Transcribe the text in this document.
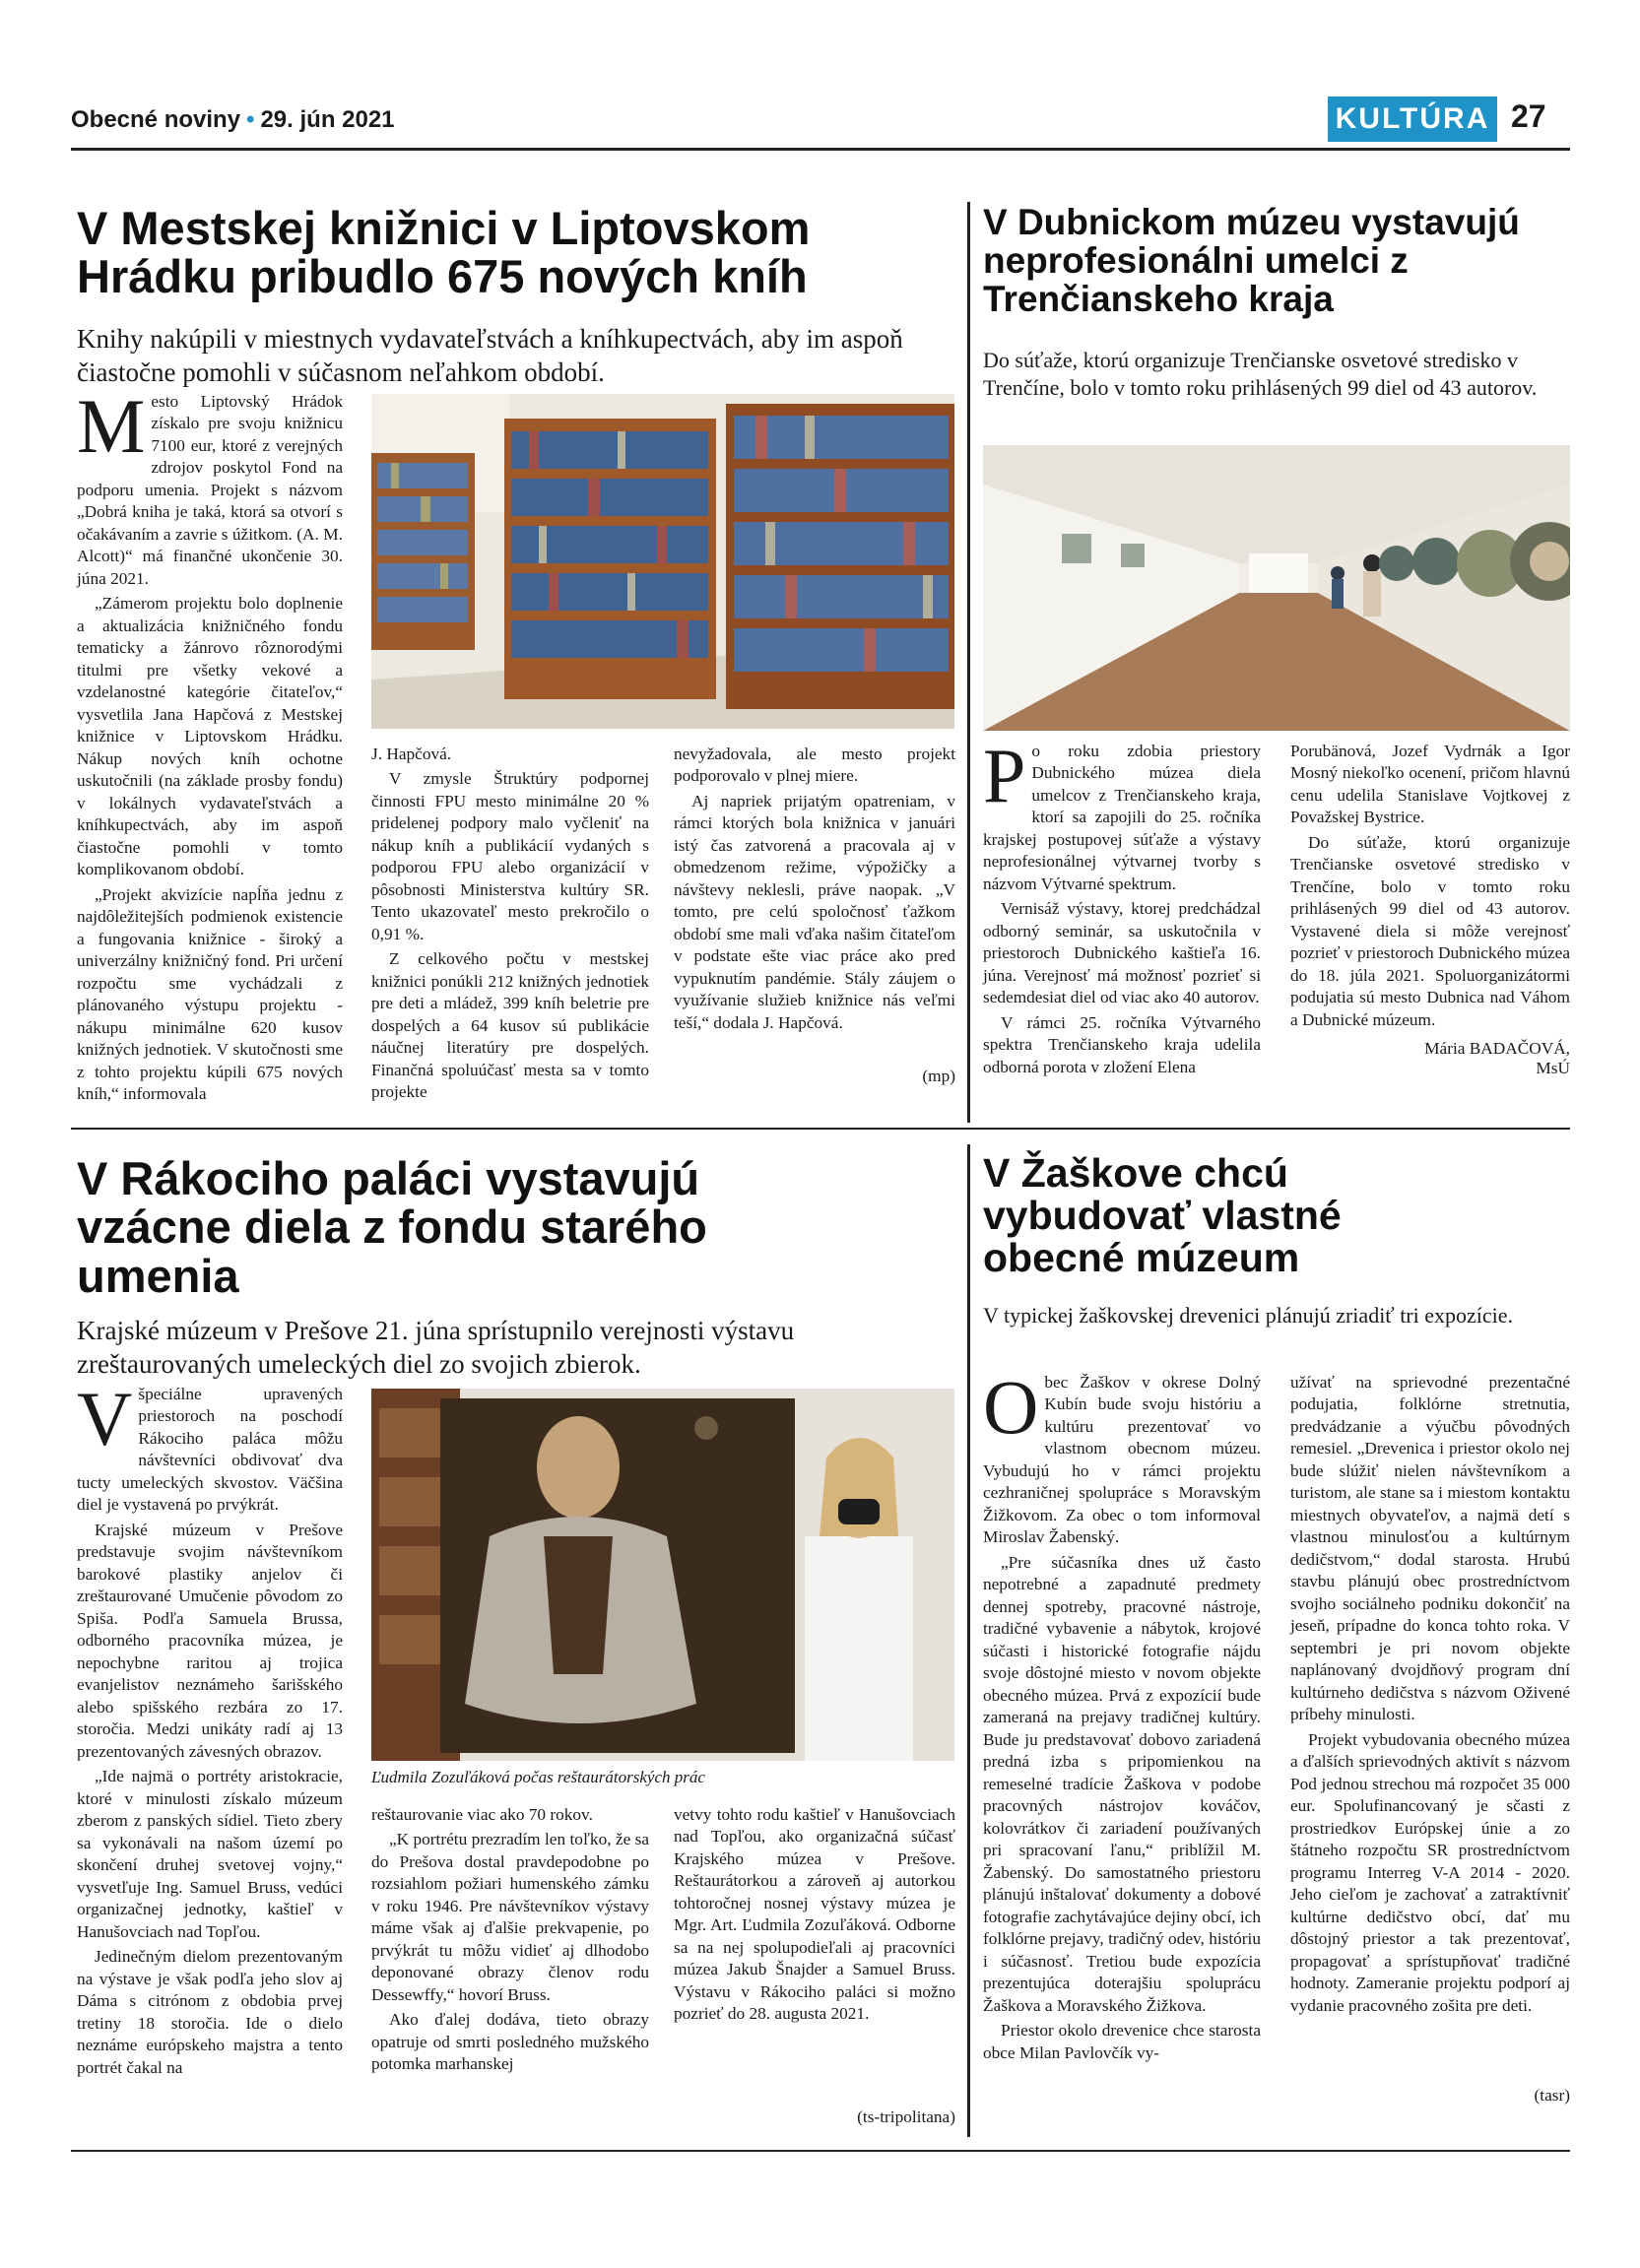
Obecné noviny • 29. jún 2021	KULTÚRA 27
V Mestskej knižnici v Liptovskom Hrádku pribudlo 675 nových kníh
Knihy nakúpili v miestnych vydavateľstvách a kníhkupectvách, aby im aspoň čiastočne pomohli v súčasnom neľahkom období.

Mesto Liptovský Hrádok získalo pre svoju knižnicu 7100 eur, ktoré z verejných zdrojov poskytol Fond na podporu umenia. Projekt s názvom „Dobrá kniha je taká, ktorá sa otvorí s očakávaním a zavrie s úžitkom. (A. M. Alcott)“ má finančné ukončenie 30. júna 2021.

„Zámerom projektu bolo doplnenie a aktualizácia knižničného fondu tematicky a žánrovo rôznorodými titulmi pre všetky vekové a vzdelanostné kategórie čitateľov,“ vysvetlila Jana Hapčová z Mestskej knižnice v Liptovskom Hrádku. Nákup nových kníh ochotne uskutočnili (na základe prosby fondu) v lokálnych vydavateľstvách a kníhkupectvách, aby im aspoň čiastočne pomohli v tomto komplikovanom období.

„Projekt akvizície napĺňa jednu z najdôležitejších podmienok existencie a fungovania knižnice - široký a univerzálny knižničný fond. Pri určení rozpočtu sme vychádzali z plánovaného výstupu projektu - nákupu minimálne 620 kusov knižných jednotiek. V skutočnosti sme z tohto projektu kúpili 675 nových kníh,“ informovala

J. Hapčová.

V zmysle Štruktúry podpornej činnosti FPU mesto minimálne 20 % pridelenej podpory malo vyčleniť na nákup kníh a publikácií vydaných s podporou FPU alebo organizácií v pôsobnosti Ministerstva kultúry SR. Tento ukazovateľ mesto prekročilo o 0,91 %.

Z celkového počtu v mestskej knižnici ponúkli 212 knižných jednotiek pre deti a mládež, 399 kníh beletrie pre dospelých a 64 kusov sú publikácie náučnej literatúry pre dospelých. Finančná spoluúčasť mesta sa v tomto projekte

nevyžadovala, ale mesto projekt podporovalo v plnej miere.

Aj napriek prijatým opatreniam, v rámci ktorých bola knižnica v januári istý čas zatvorená a pracovala aj v obmedzenom režime, výpožičky a návštevy neklesli, práve naopak. „V tomto, pre celú spoločnosť ťažkom období sme mali vďaka našim čitateľom v podstate ešte viac práce ako pred vypuknutím pandémie. Stály záujem o využívanie služieb knižnice nás veľmi teší,“ dodala J. Hapčová.

(mp)
V Dubnickom múzeu vystavujú neprofesionálni umelci z Trenčianskeho kraja
Do súťaže, ktorú organizuje Trenčianske osvetové stredisko v Trenčíne, bolo v tomto roku prihlásených 99 diel od 43 autorov.

Po roku zdobia priestory Dubnického múzea diela umelcov z Trenčianskeho kraja, ktorí sa zapojili do 25. ročníka krajskej postupovej súťaže a výstavy neprofesionálnej výtvarnej tvorby s názvom Výtvarné spektrum.

Vernisáž výstavy, ktorej predchádzal odborný seminár, sa uskutočnila v priestoroch Dubnického kaštieľa 16. júna. Verejnosť má možnosť pozrieť si sedemdesiat diel od viac ako 40 autorov.

V rámci 25. ročníka Výtvarného spektra Trenčianskeho kraja udelila odborná porota v zložení Elena

Porubänová, Jozef Vydrnák a Igor Mosný niekoľko ocenení, pričom hlavnú cenu udelila Stanislave Vojtkovej z Považskej Bystrice.

Do súťaže, ktorú organizuje Trenčianske osvetové stredisko v Trenčíne, bolo v tomto roku prihlásených 99 diel od 43 autorov. Vystavené diela si môže verejnosť pozrieť v priestoroch Dubnického múzea do 18. júla 2021. Spoluorganizátormi podujatia sú mesto Dubnica nad Váhom a Dubnické múzeum.

Mária BADAČOVÁ,
MsÚ
V Rákociho paláci vystavujú vzácne diela z fondu starého umenia
Krajské múzeum v Prešove 21. júna sprístupnilo verejnosti výstavu zreštaurovaných umeleckých diel zo svojich zbierok.

Všpeciálne upravených priestoroch na poschodí Rákociho paláca môžu návštevníci obdivovať dva tucty umeleckých skvostov. Väčšina diel je vystavená po prvýkrát.

Krajské múzeum v Prešove predstavuje svojim návštevníkom barokové plastiky anjelov či zreštaurované Umučenie pôvodom zo Spiša. Podľa Samuela Brussa, odborného pracovníka múzea, je nepochybne raritou aj trojica evanjelistov neznámeho šarišského alebo spišského rezbára zo 17. storočia. Medzi unikáty radí aj 13 prezentovaných závesných obrazov.

„Ide najmä o portréty aristokracie, ktoré v minulosti získalo múzeum zberom z panských sídiel. Tieto zbery sa vykonávali na našom území po skončení druhej svetovej vojny,“ vysvetľuje Ing. Samuel Bruss, vedúci organizačnej jednotky, kaštieľ v Hanušovciach nad Topľou.

Jedinečným dielom prezentovaným na výstave je však podľa jeho slov aj Dáma s citrónom z obdobia prvej tretiny 18 storočia. Ide o dielo neznáme európskeho majstra a tento portrét čakal na

Ľudmila Zozuľáková počas reštaurátorských prác

reštaurovanie viac ako 70 rokov.

„K portrétu prezradím len toľko, že sa do Prešova dostal pravdepodobne po rozsiahlom požiari humenského zámku v roku 1946. Pre návštevníkov výstavy máme však aj ďalšie prekvapenie, po prvýkrát tu môžu vidieť aj dlhodobo deponované obrazy členov rodu Dessewffy,“ hovorí Bruss.

Ako ďalej dodáva, tieto obrazy opatruje od smrti posledného mužského potomka marhanskej

vetvy tohto rodu kaštieľ v Hanušovciach nad Topľou, ako organizačná súčasť Krajského múzea v Prešove. Reštaurátorkou a zároveň aj autorkou tohtoročnej nosnej výstavy múzea je Mgr. Art. Ľudmila Zozuľáková. Odborne sa na nej spolupodieľali aj pracovníci múzea Jakub Šnajder a Samuel Bruss. Výstavu v Rákociho paláci si možno pozrieť do 28. augusta 2021.

(ts-tripolitana)
V Žaškove chcú vybudovať vlastné obecné múzeum
V typickej žaškovskej drevenici plánujú zriadiť tri expozície.

Obec Žaškov v okrese Dolný Kubín bude svoju históriu a kultúru prezentovať vo vlastnom obecnom múzeu. Vybudujú ho v rámci projektu cezhraničnej spolupráce s Moravským Žižkovom. Za obec o tom informoval Miroslav Žabenský.

„Pre súčasníka dnes už často nepotrebné a zapadnuté predmety dennej spotreby, pracovné nástroje, tradičné vybavenie a nábytok, krojové súčasti i historické fotografie nájdu svoje dôstojné miesto v novom objekte obecného múzea. Prvá z expozícií bude zameraná na prejavy tradičnej kultúry. Bude ju predstavovať dobovo zariadená predná izba s pripomienkou na remeselné tradície Žaškova v podobe pracovných nástrojov kováčov, kolovrátkov či zariadení používaných pri spracovaní ľanu,“ priblížil M. Žabenský. Do samostatného priestoru plánujú inštalovať dokumenty a dobové fotografie zachytávajúce dejiny obcí, ich folklórne prejavy, tradičný odev, históriu i súčasnosť. Tretiou bude expozícia prezentujúca doterajšiu spoluprácu Žaškova a Moravského Žižkova.

Priestor okolo drevenice chce starosta obce Milan Pavlovčík vy-

užívať na sprievodné prezentačné podujatia, folklórne stretnutia, predvádzanie a výučbu pôvodných remesiel. „Drevenica i priestor okolo nej bude slúžiť nielen návštevníkom a turistom, ale stane sa i miestom kontaktu miestnych obyvateľov, a najmä detí s vlastnou minulosťou a kultúrnym dedičstvom,“ dodal starosta. Hrubú stavbu plánujú obec prostredníctvom svojho sociálneho podniku dokončiť na jeseň, prípadne do konca tohto roka. V septembri je pri novom objekte naplánovaný dvojdňový program dní kultúrneho dedičstva s názvom Oživené príbehy minulosti.

Projekt vybudovania obecného múzea a ďalších sprievodných aktivít s názvom Pod jednou strechou má rozpočet 35 000 eur. Spolufinancovaný je sčasti z prostriedkov Európskej únie a zo štátneho rozpočtu SR prostredníctvom programu Interreg V-A 2014 - 2020. Jeho cieľom je zachovať a zatraktívniť kultúrne dedičstvo obcí, dať mu dôstojný priestor a tak prezentovať, propagovať a sprístupňovať tradičné hodnoty. Zameranie projektu podporí aj vydanie pracovného zošita pre deti.

(tasr)
